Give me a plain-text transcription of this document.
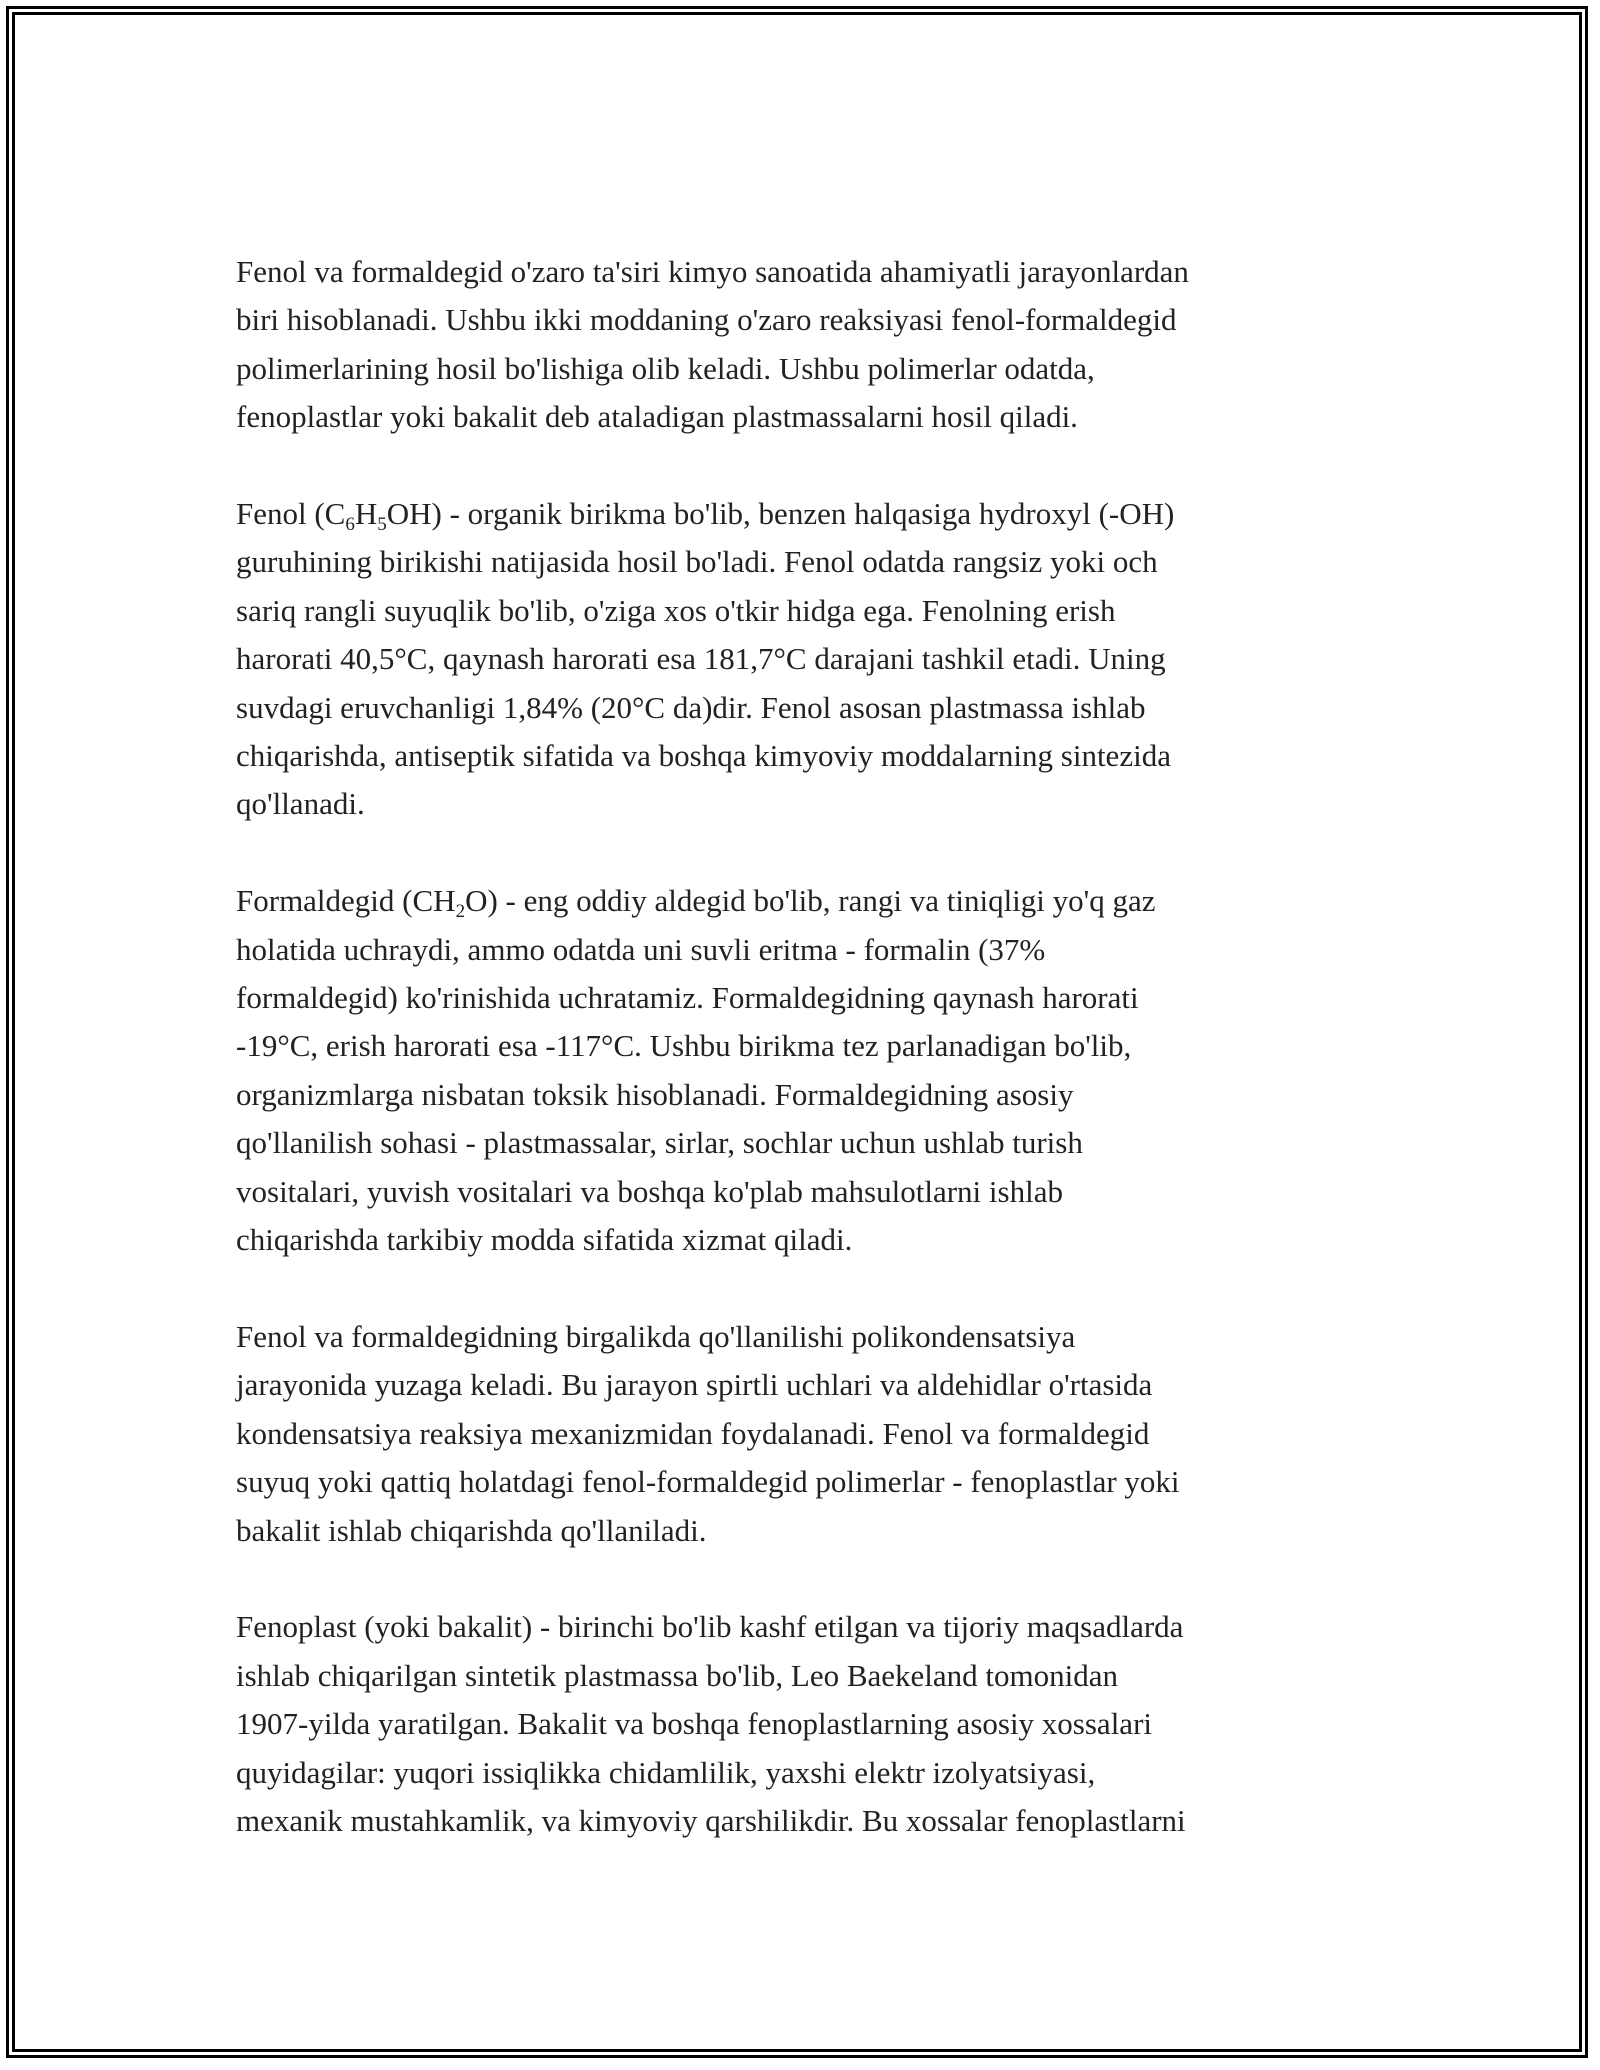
Fenol va formaldegid o'zaro ta'siri kimyo sanoatida ahamiyatli jarayonlardan
biri hisoblanadi. Ushbu ikki moddaning o'zaro reaksiyasi fenol-formaldegid
polimerlarining hosil bo'lishiga olib keladi. Ushbu polimerlar odatda,
fenoplastlar yoki bakalit deb ataladigan plastmassalarni hosil qiladi.

Fenol $(C_6H_5OH)$ - organik birikma bo'lib, benzen halqasiga hydroxyl (-OH)
guruhining birikishi natijasida hosil bo'ladi. Fenol odatda rangsiz yoki och
sariq rangli suyuqlik bo'lib, o'ziga xos o'tkir hidga ega. Fenolning erish
harorati 40,5°C, qaynash harorati esa 181,7°C darajani tashkil etadi. Uning
suvdagi eruvchanligi 1,84% (20°C da)dir. Fenol asosan plastmassa ishlab
chiqarishda, antiseptik sifatida va boshqa kimyoviy moddalarning sintezida
qo'llanadi.

Formaldegid $(CH_2O)$ - eng oddiy aldegid bo'lib, rangi va tiniqligi yo'q gaz
holatida uchraydi, ammo odatda uni suvli eritma - formalin (37%
formaldegid) ko'rinishida uchratamiz. Formaldegidning qaynash harorati
-19°C, erish harorati esa -117°C. Ushbu birikma tez parlanadigan bo'lib,
organizmlarga nisbatan toksik hisoblanadi. Formaldegidning asosiy
qo'llanilish sohasi - plastmassalar, sirlar, sochlar uchun ushlab turish
vositalari, yuvish vositalari va boshqa ko'plab mahsulotlarni ishlab
chiqarishda tarkibiy modda sifatida xizmat qiladi.

Fenol va formaldegidning birgalikda qo'llanilishi polikondensatsiya
jarayonida yuzaga keladi. Bu jarayon spirtli uchlari va aldehidlar o'rtasida
kondensatsiya reaksiya mexanizmidan foydalanadi. Fenol va formaldegid
suyuq yoki qattiq holatdagi fenol-formaldegid polimerlar - fenoplastlar yoki
bakalit ishlab chiqarishda qo'llaniladi.

Fenoplast (yoki bakalit) - birinchi bo'lib kashf etilgan va tijoriy maqsadlarda
ishlab chiqarilgan sintetik plastmassa bo'lib, Leo Baekeland tomonidan
1907-yilda yaratilgan. Bakalit va boshqa fenoplastlarning asosiy xossalari
quyidagilar: yuqori issiqlikka chidamlilik, yaxshi elektr izolyatsiyasi,
mexanik mustahkamlik, va kimyoviy qarshilikdir. Bu xossalar fenoplastlarni
